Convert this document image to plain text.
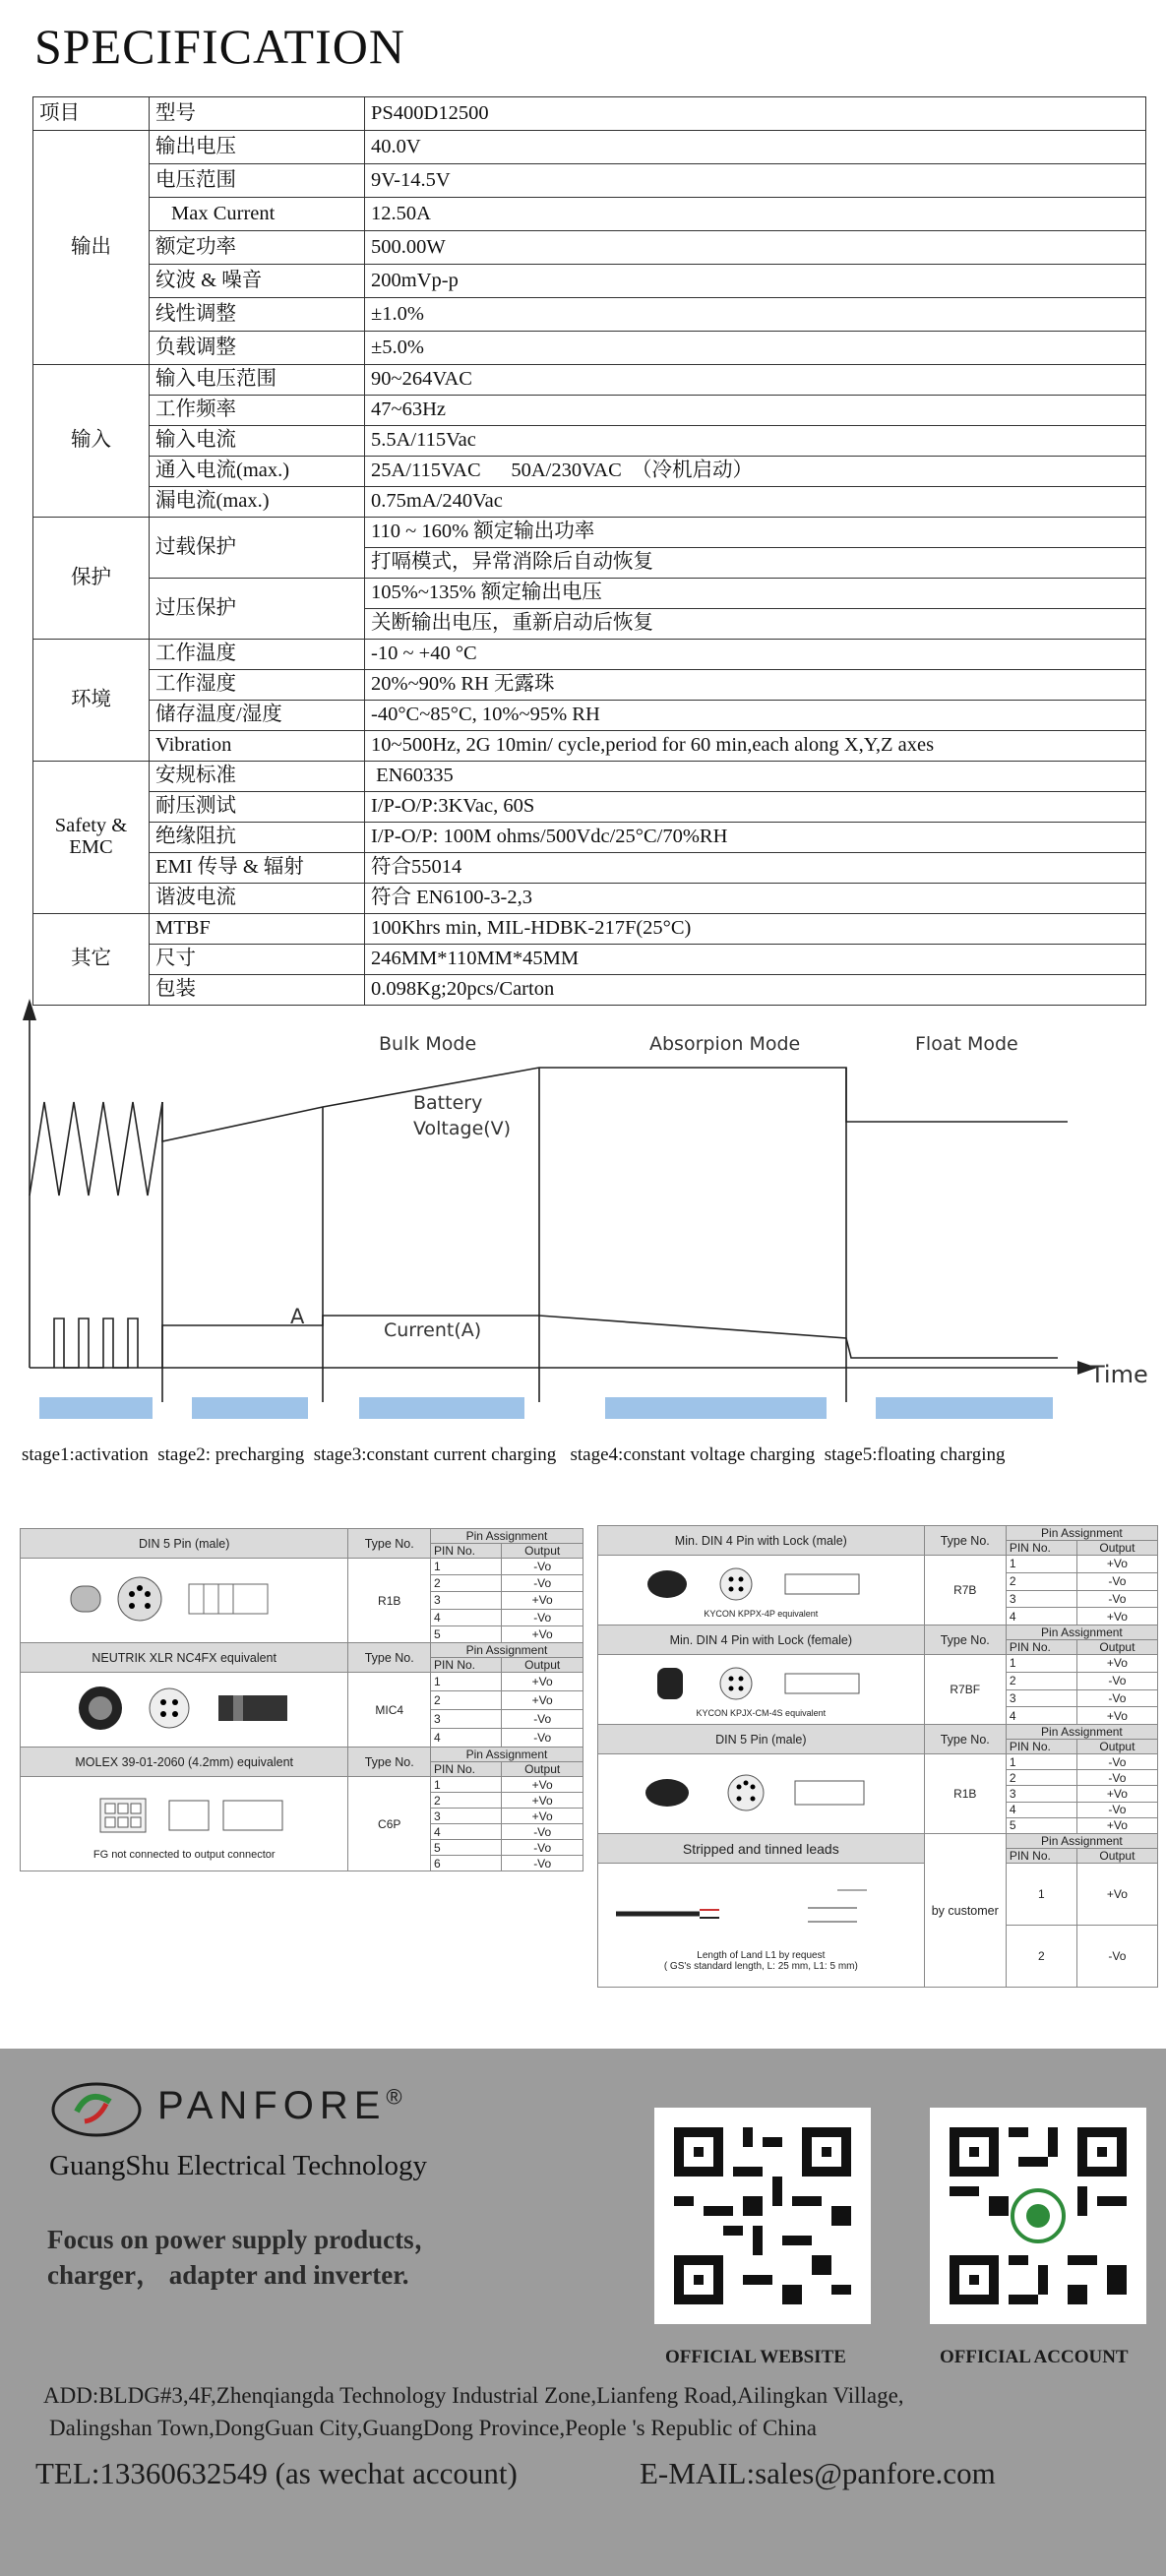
SPECIFICATION
项目	型号	PS400D12500
输出	输出电压	40.0V
	电压范围	9V-14.5V
	Max Current	12.50A
	额定功率	500.00W
	纹波 & 噪音	200mVp-p
	线性调整	±1.0%
	负载调整	±5.0%
输入	输入电压范围	90~264VAC
	工作频率	47~63Hz
	输入电流	5.5A/115Vac
	通入电流(max.)	25A/115VAC      50A/230VAC  （冷机启动）
	漏电流(max.)	0.75mA/240Vac
保护	过载保护	110 ~ 160% 额定输出功率
		打嗝模式，异常消除后自动恢复
	过压保护	105%~135% 额定输出电压
		关断输出电压，重新启动后恢复
环境	工作温度	-10 ~ +40 °C
	工作湿度	20%~90% RH 无露珠
	储存温度/湿度	-40°C~85°C, 10%~95% RH
	Vibration	10~500Hz, 2G 10min/ cycle,period for 60 min,each along X,Y,Z axes
Safety & EMC	安规标准	EN60335
	耐压测试	I/P-O/P:3KVac, 60S
	绝缘阻抗	I/P-O/P: 100M ohms/500Vdc/25°C/70%RH
	EMI 传导 & 辐射	符合55014
	谐波电流	符合 EN6100-3-2,3
其它	MTBF	100Khrs min, MIL-HDBK-217F(25°C)
	尺寸	246MM*110MM*45MM
	包装	0.098Kg;20pcs/Carton
Bulk Mode	Absorpion Mode	Float Mode
Battery
Voltage(V)
A
Current(A)
Time
stage1:activation  stage2: precharging  stage3:constant current charging   stage4:constant voltage charging  stage5:floating charging
DIN 5 Pin (male)	Type No.	Pin Assignment	
		PIN No.	Output
	R1B	1	-Vo
		2	-Vo
		3	+Vo
		4	-Vo
		5	+Vo
NEUTRIK XLR NC4FX equivalent	Type No.	Pin Assignment	
		PIN No.	Output
	MIC4	1	+Vo
		2	+Vo
		3	-Vo
		4	-Vo
MOLEX 39-01-2060 (4.2mm) equivalent	Type No.	Pin Assignment	
		PIN No.	Output

FG not connected to output connector	C6P	1	+Vo
		2	+Vo
		3	+Vo
		4	-Vo
		5	-Vo
		6	-Vo
Min. DIN 4 Pin with Lock (male)	Type No.	Pin Assignment	
		PIN No.	Output

KYCON KPPX-4P equivalent	R7B	1	+Vo
		2	-Vo
		3	-Vo
		4	+Vo
Min. DIN 4 Pin with Lock (female)	Type No.	Pin Assignment	
		PIN No.	Output

KYCON KPJX-CM-4S equivalent	R7BF	1	+Vo
		2	-Vo
		3	-Vo
		4	+Vo
DIN 5 Pin (male)	Type No.	Pin Assignment	
		PIN No.	Output
	R1B	1	-Vo
		2	-Vo
		3	+Vo
		4	-Vo
		5	+Vo
Stripped and tinned leads	by customer	Pin Assignment	
		PIN No.	Output

Length of Land L1 by request
( GS's standard length, L: 25 mm, L1: 5 mm)		1	+Vo
		2	-Vo
PANFORE®
GuangShu Electrical Technology
Focus on power supply products，
charger， adapter and inverter.
OFFICIAL WEBSITE	OFFICIAL ACCOUNT
ADD:BLDG#3,4F,Zhenqiangda Technology Industrial Zone,Lianfeng Road,Ailingkan Village,
Dalingshan Town,DongGuan City,GuangDong Province,People 's Republic of China
TEL:13360632549 (as wechat account)	E-MAIL:sales@panfore.com
